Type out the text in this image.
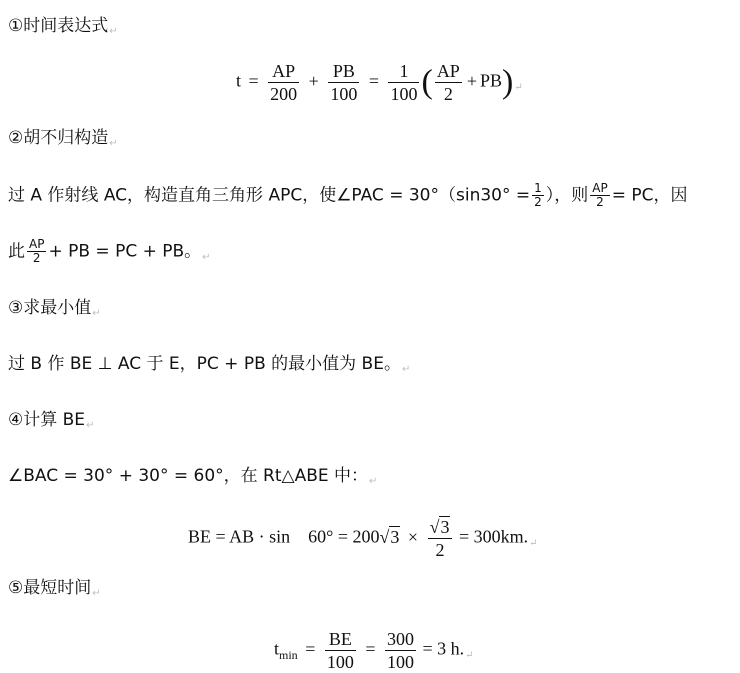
①时间表达式↵
$t = \frac{AP}{200} + \frac{PB}{100} = \frac{1}{100}$ ( $\frac{AP}{2}$ + PB)↵
②胡不归构造↵
过 A 作射线 AC，构造直角三角形 APC，使∠PAC = $30^\circ(\sin 30^\circ = \frac{1}{2}$ ），则 $\frac{AP}{2}$ = PC，因
此 $\frac{AP}{2}$ + PB = PC + PB。↵
③求最小值↵
过 B 作 BE ⊥ AC 于 E，PC + PB 的最小值为 BE。↵
④计算 BE↵
∠BAC = 30° + 30° = 60°，在 Rt△ABE 中：↵
BE = AB · sin　$60^\circ = 200√3 \times \frac{√3}{2}$ = 300km.↵
⑤最短时间↵
$t_{min} = \frac{BE}{100} = \frac{300}{100} = 3$ h.↵
